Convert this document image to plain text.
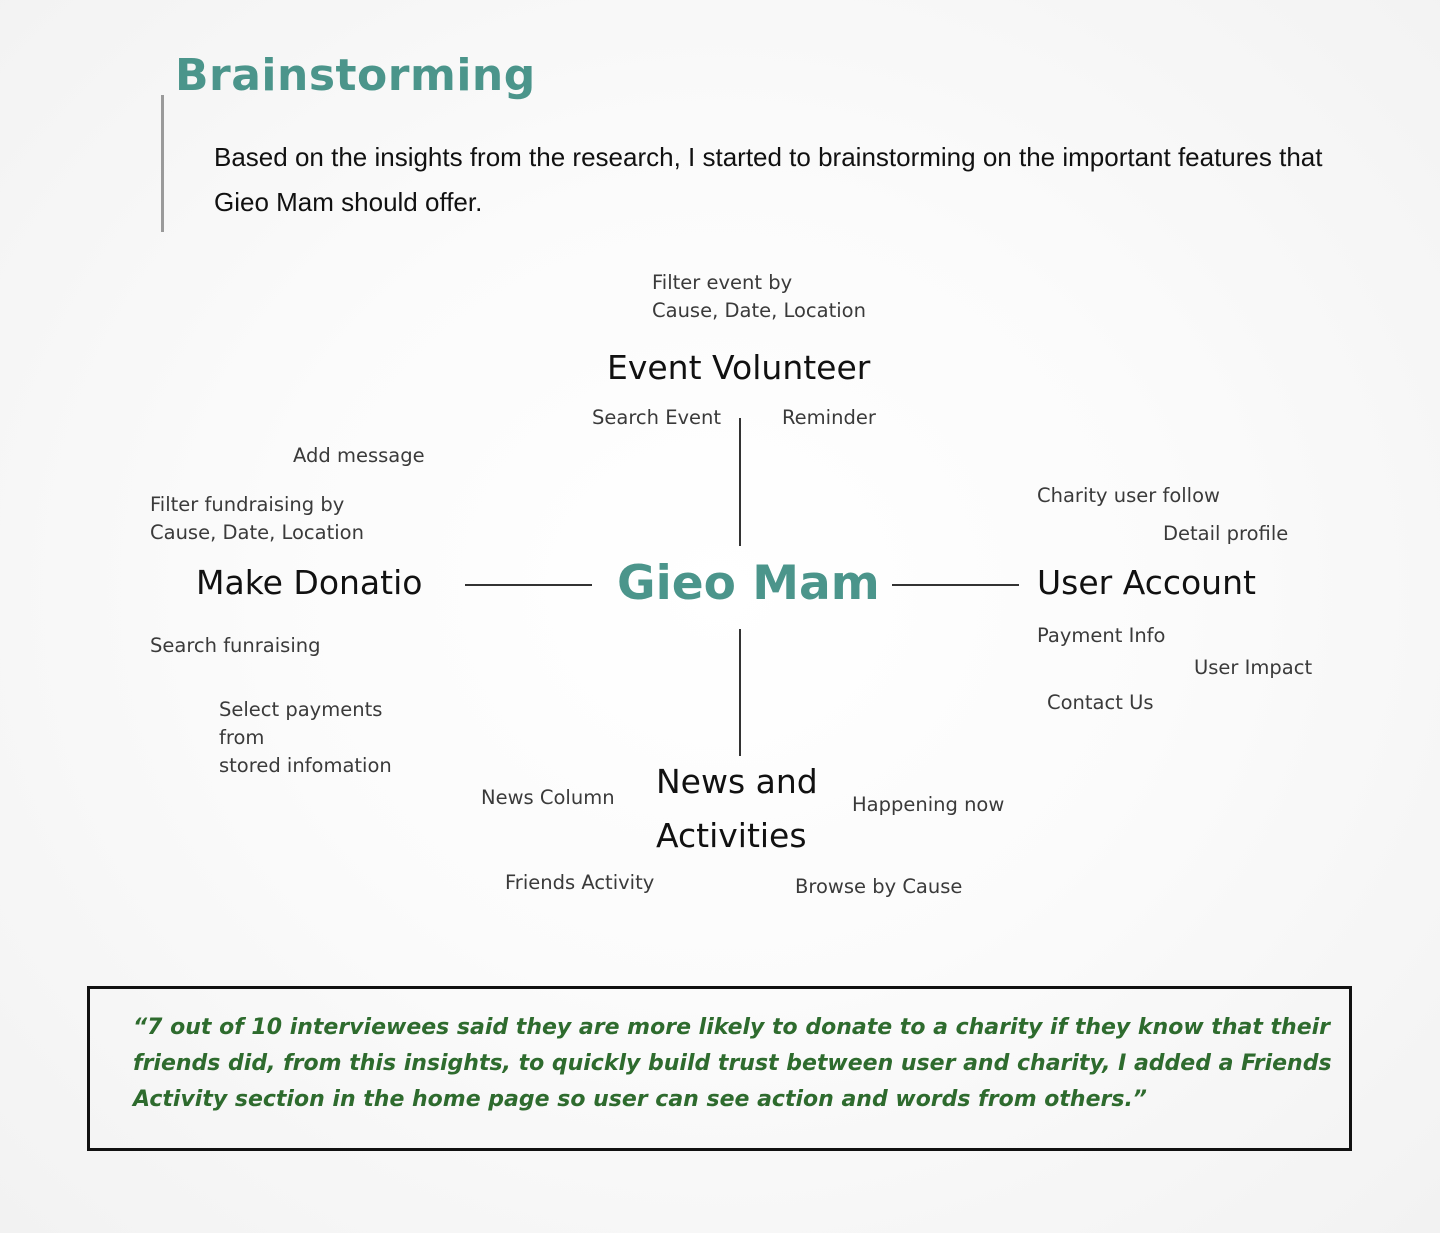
Brainstorming
Based on the insights from the research, I started to brainstorming on the important features that Gieo Mam should offer.
Gieo Mam
Filter event by
Cause, Date, Location
Event Volunteer
Search Event	Reminder
Add message
Filter fundraising by
Cause, Date, Location
Make Donatio
Search funraising
Select payments
from
stored infomation
Charity user follow
Detail profile
User Account
Payment Info
User Impact
Contact Us
News Column News and
Activities
Happening now
Friends Activity	Browse by Cause
“7 out of 10 interviewees said they are more likely to donate to a charity if they know that their friends did, from this insights, to quickly build trust between user and charity, I added a Friends Activity section in the home page so user can see action and words from others.”
